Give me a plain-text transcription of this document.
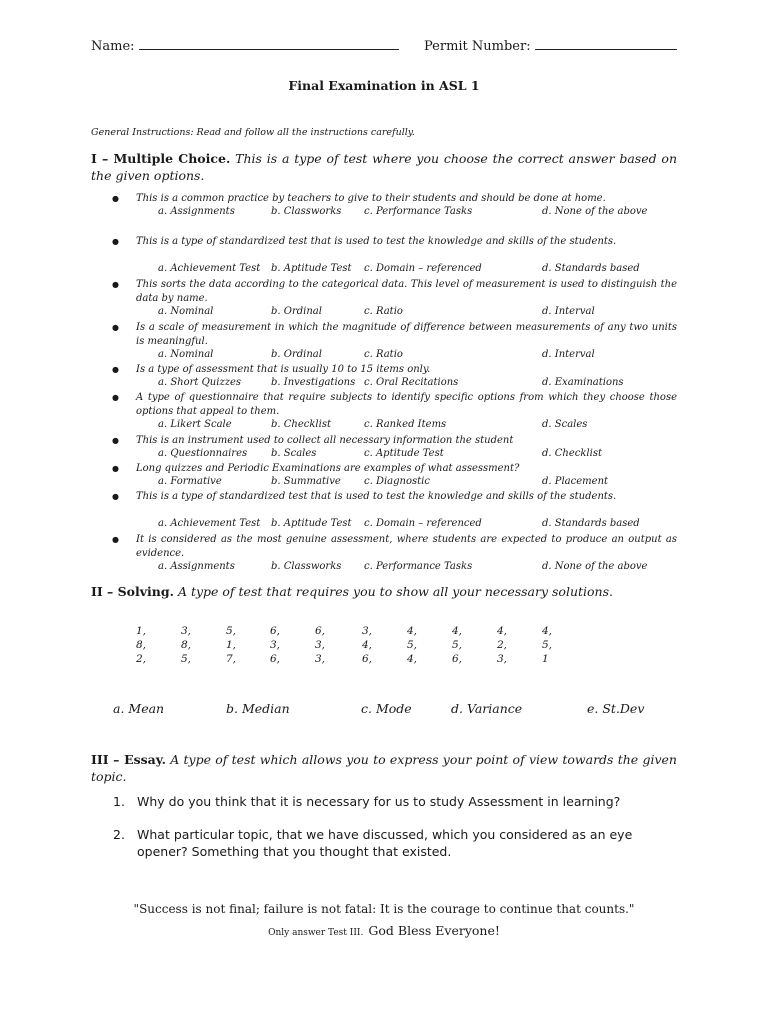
Name:	Permit Number:
Final Examination in ASL 1
General Instructions: Read and follow all the instructions carefully.
I – Multiple Choice. This is a type of test where you choose the correct answer based on the given options.
● This is a common practice by teachers to give to their students and should be done at home.
a. Assignments	b. Classworks c. Performance Tasks	d. None of the above
● This is a type of standardized test that is used to test the knowledge and skills of the students.
a. Achievement Test b. Aptitude Test c. Domain – referenced	d. Standards based
● This sorts the data according to the categorical data. This level of measurement is used to distinguish the data by name.
a. Nominal	b. Ordinal	c. Ratio	d. Interval
● Is a scale of measurement in which the magnitude of difference between measurements of any two units is meaningful.
a. Nominal	b. Ordinal	c. Ratio	d. Interval
● Is a type of assessment that is usually 10 to 15 items only.
a. Short Quizzes	b. Investigations c. Oral Recitations	d. Examinations
● A type of questionnaire that require subjects to identify specific options from which they choose those options that appeal to them.
a. Likert Scale	b. Checklist	c. Ranked Items	d. Scales
● This is an instrument used to collect all necessary information the student
a. Questionnaires b. Scales	c. Aptitude Test	d. Checklist
● Long quizzes and Periodic Examinations are examples of what assessment?
a. Formative	b. Summative c. Diagnostic	d. Placement
● This is a type of standardized test that is used to test the knowledge and skills of the students.
a. Achievement Test b. Aptitude Test c. Domain – referenced	d. Standards based
● It is considered as the most genuine assessment, where students are expected to produce an output as evidence.
a. Assignments	b. Classworks c. Performance Tasks	d. None of the above
II – Solving. A type of test that requires you to show all your necessary solutions.
1,	3,	5,	6,	6,	3,	4,	4,	4,	4,
8,	8,	1,	3,	3,	4,	5,	5,	2,	5,
2,	5,	7,	6,	3,	6,	4,	6,	3,	1
a. Mean	b. Median	c. Mode	d. Variance	e. St.Dev
III – Essay. A type of test which allows you to express your point of view towards the given topic.
1. Why do you think that it is necessary for us to study Assessment in learning?
2. What particular topic, that we have discussed, which you considered as an eye opener? Something that you thought that existed.
"Success is not final; failure is not fatal: It is the courage to continue that counts."
Only answer Test III. God Bless Everyone!
